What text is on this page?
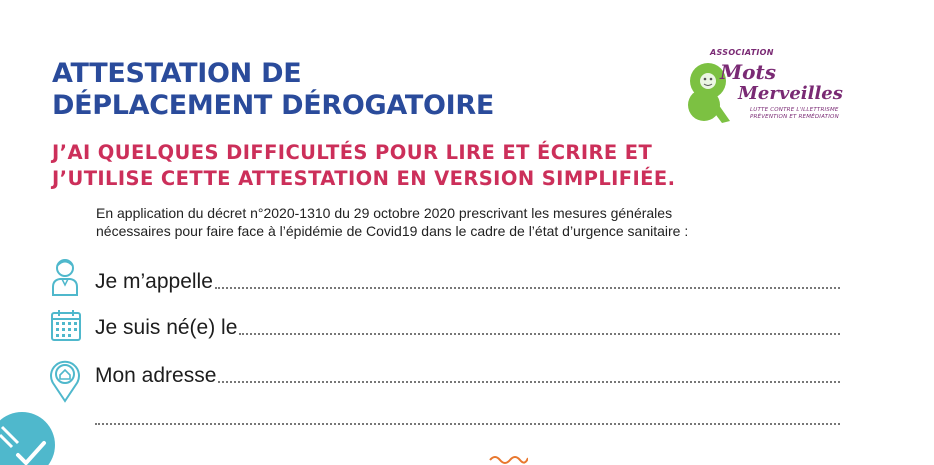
ASSOCIATION
Mots
Merveilles
LUTTE CONTRE L'ILLETTRISME
PRÉVENTION ET REMÉDIATION
ATTESTATION DE
DÉPLACEMENT DÉROGATOIRE
J’AI QUELQUES DIFFICULTÉS POUR LIRE ET ÉCRIRE ET
J’UTILISE CETTE ATTESTATION EN VERSION SIMPLIFIÉE.
En application du décret n°2020-1310 du 29 octobre 2020 prescrivant les mesures générales
nécessaires pour faire face à l’épidémie de Covid19 dans le cadre de l’état d’urgence sanitaire :
Je m’appelle
Je suis né(e) le
Mon adresse
